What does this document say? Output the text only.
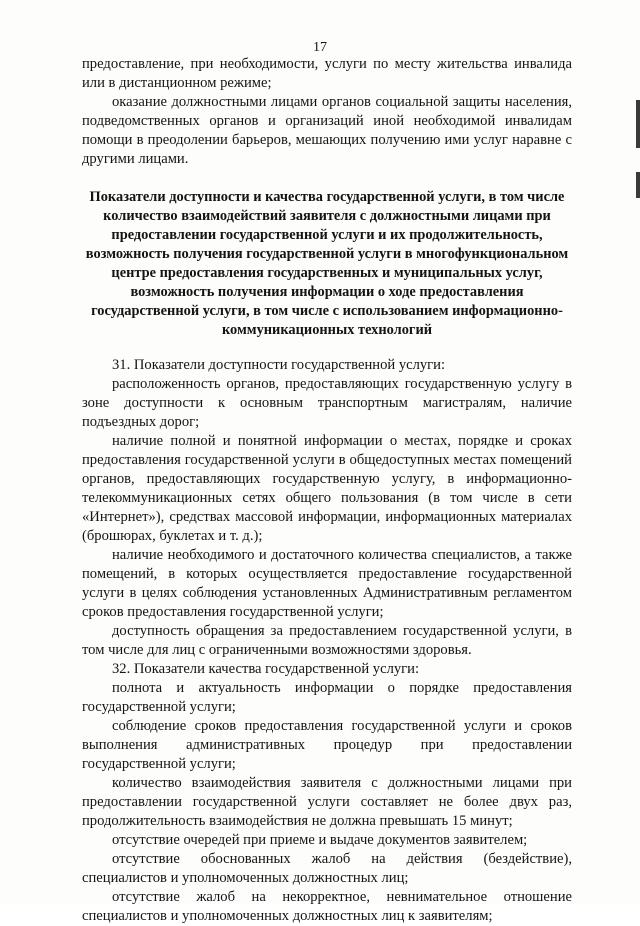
17

предоставление, при необходимости, услуги по месту жительства инвалида или в дистанционном режиме;

оказание должностными лицами органов социальной защиты населения, подведомственных органов и организаций иной необходимой инвалидам помощи в преодолении барьеров, мешающих получению ими услуг наравне с другими лицами.

Показатели доступности и качества государственной услуги, в том числе количество взаимодействий заявителя с должностными лицами при предоставлении государственной услуги и их продолжительность, возможность получения государственной услуги в многофункциональном центре предоставления государственных и муниципальных услуг, возможность получения информации о ходе предоставления государственной услуги, в том числе с использованием информационно-коммуникационных технологий

31. Показатели доступности государственной услуги:

расположенность органов, предоставляющих государственную услугу в зоне доступности к основным транспортным магистралям, наличие подъездных дорог;

наличие полной и понятной информации о местах, порядке и сроках предоставления государственной услуги в общедоступных местах помещений органов, предоставляющих государственную услугу, в информационно-телекоммуникационных сетях общего пользования (в том числе в сети «Интернет»), средствах массовой информации, информационных материалах (брошюрах, буклетах и т. д.);

наличие необходимого и достаточного количества специалистов, а также помещений, в которых осуществляется предоставление государственной услуги в целях соблюдения установленных Административным регламентом сроков предоставления государственной услуги;

доступность обращения за предоставлением государственной услуги, в том числе для лиц с ограниченными возможностями здоровья.

32. Показатели качества государственной услуги:

полнота и актуальность информации о порядке предоставления государственной услуги;

соблюдение сроков предоставления государственной услуги и сроков выполнения административных процедур при предоставлении государственной услуги;

количество взаимодействия заявителя с должностными лицами при предоставлении государственной услуги составляет не более двух раз, продолжительность взаимодействия не должна превышать 15 минут;

отсутствие очередей при приеме и выдаче документов заявителем;

отсутствие обоснованных жалоб на действия (бездействие), специалистов и уполномоченных должностных лиц;

отсутствие жалоб на некорректное, невнимательное отношение специалистов и уполномоченных должностных лиц к заявителям;
